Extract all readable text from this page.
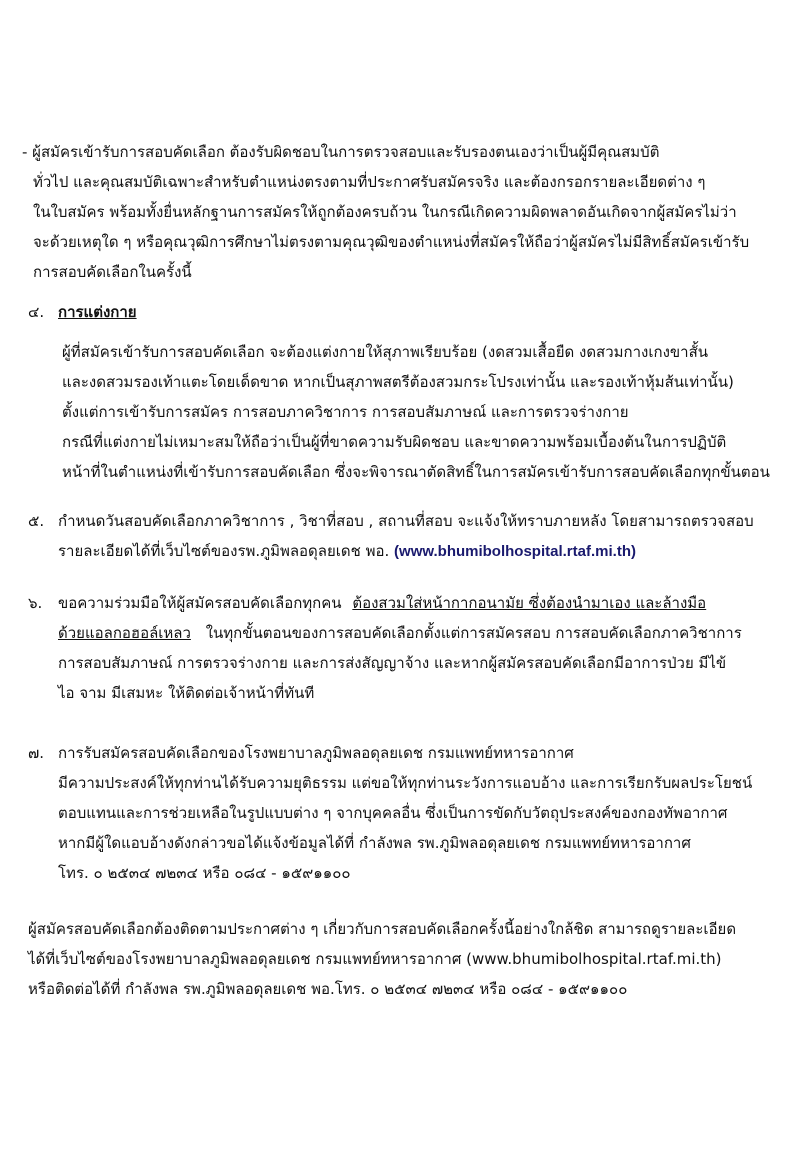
- ผู้สมัครเข้ารับการสอบคัดเลือก ต้องรับผิดชอบในการตรวจสอบและรับรองตนเองว่าเป็นผู้มีคุณสมบัติ
ทั่วไป และคุณสมบัติเฉพาะสำหรับตำแหน่งตรงตามที่ประกาศรับสมัครจริง และต้องกรอกรายละเอียดต่าง ๆ
ในใบสมัคร พร้อมทั้งยื่นหลักฐานการสมัครให้ถูกต้องครบถ้วน ในกรณีเกิดความผิดพลาดอันเกิดจากผู้สมัครไม่ว่า
จะด้วยเหตุใด ๆ หรือคุณวุฒิการศึกษาไม่ตรงตามคุณวุฒิของตำแหน่งที่สมัครให้ถือว่าผู้สมัครไม่มีสิทธิ์สมัครเข้ารับ
การสอบคัดเลือกในครั้งนี้
๔. การแต่งกาย
ผู้ที่สมัครเข้ารับการสอบคัดเลือก จะต้องแต่งกายให้สุภาพเรียบร้อย (งดสวมเสื้อยืด งดสวมกางเกงขาสั้น
และงดสวมรองเท้าแตะโดยเด็ดขาด หากเป็นสุภาพสตรีต้องสวมกระโปรงเท่านั้น และรองเท้าหุ้มส้นเท่านั้น)
ตั้งแต่การเข้ารับการสมัคร การสอบภาควิชาการ การสอบสัมภาษณ์ และการตรวจร่างกาย
กรณีที่แต่งกายไม่เหมาะสมให้ถือว่าเป็นผู้ที่ขาดความรับผิดชอบ และขาดความพร้อมเบื้องต้นในการปฏิบัติ
หน้าที่ในตำแหน่งที่เข้ารับการสอบคัดเลือก ซึ่งจะพิจารณาตัดสิทธิ์ในการสมัครเข้ารับการสอบคัดเลือกทุกขั้นตอน
๕. กำหนดวันสอบคัดเลือกภาควิชาการ , วิชาที่สอบ , สถานที่สอบ จะแจ้งให้ทราบภายหลัง โดยสามารถตรวจสอบ
รายละเอียดได้ที่เว็บไซต์ของรพ.ภูมิพลอดุลยเดช พอ. (www.bhumibolhospital.rtaf.mi.th)
๖. ขอความร่วมมือให้ผู้สมัครสอบคัดเลือกทุกคน ต้องสวมใส่หน้ากากอนามัย ซึ่งต้องนำมาเอง และล้างมือ
ด้วยแอลกอฮอล์เหลว ในทุกขั้นตอนของการสอบคัดเลือกตั้งแต่การสมัครสอบ การสอบคัดเลือกภาควิชาการ
การสอบสัมภาษณ์ การตรวจร่างกาย และการส่งสัญญาจ้าง และหากผู้สมัครสอบคัดเลือกมีอาการป่วย มีไข้
ไอ จาม มีเสมหะ ให้ติดต่อเจ้าหน้าที่ทันที
๗. การรับสมัครสอบคัดเลือกของโรงพยาบาลภูมิพลอดุลยเดช กรมแพทย์ทหารอากาศ
มีความประสงค์ให้ทุกท่านได้รับความยุติธรรม แต่ขอให้ทุกท่านระวังการแอบอ้าง และการเรียกรับผลประโยชน์
ตอบแทนและการช่วยเหลือในรูปแบบต่าง ๆ จากบุคคลอื่น ซึ่งเป็นการขัดกับวัตถุประสงค์ของกองทัพอากาศ
หากมีผู้ใดแอบอ้างดังกล่าวขอได้แจ้งข้อมูลได้ที่ กำลังพล รพ.ภูมิพลอดุลยเดช กรมแพทย์ทหารอากาศ
โทร. ๐ ๒๕๓๔ ๗๒๓๔ หรือ ๐๘๔ - ๑๕๙๑๑๐๐
ผู้สมัครสอบคัดเลือกต้องติดตามประกาศต่าง ๆ เกี่ยวกับการสอบคัดเลือกครั้งนี้อย่างใกล้ชิด สามารถดูรายละเอียด
ได้ที่เว็บไซต์ของโรงพยาบาลภูมิพลอดุลยเดช กรมแพทย์ทหารอากาศ (www.bhumibolhospital.rtaf.mi.th)
หรือติดต่อได้ที่ กำลังพล รพ.ภูมิพลอดุลยเดช พอ.โทร. ๐ ๒๕๓๔ ๗๒๓๔ หรือ ๐๘๔ - ๑๕๙๑๑๐๐
